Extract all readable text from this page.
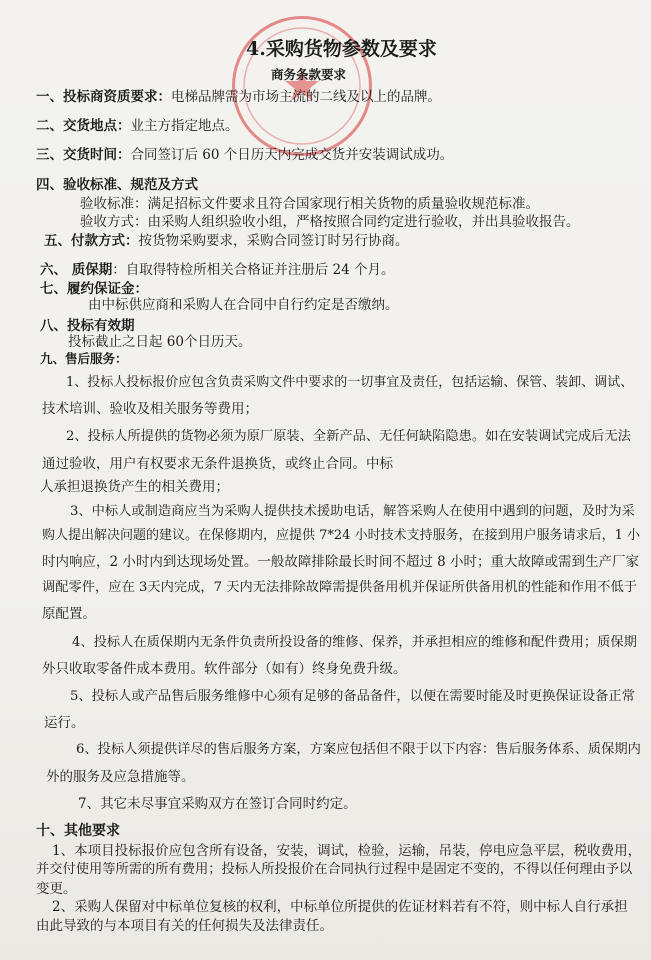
4.采购货物参数及要求
商务条款要求
一、投标商资质要求：电梯品牌需为市场主流的二线及以上的品牌。
二、交货地点：业主方指定地点。
三、交货时间：合同签订后 60 个日历天内完成交货并安装调试成功。
四、验收标准、规范及方式
验收标准：满足招标文件要求且符合国家现行相关货物的质量验收规范标准。
验收方式：由采购人组织验收小组，严格按照合同约定进行验收，并出具验收报告。
五、付款方式：按货物采购要求，采购合同签订时另行协商。
六、 质保期：自取得特检所相关合格证并注册后 24 个月。
七、履约保证金：
由中标供应商和采购人在合同中自行约定是否缴纳。
八、投标有效期
投标截止之日起 60个日历天。
九、售后服务：
1、投标人投标报价应包含负责采购文件中要求的一切事宜及责任，包括运输、保管、装卸、调试、
技术培训、验收及相关服务等费用；
2、投标人所提供的货物必须为原厂原装、全新产品、无任何缺陷隐患。如在安装调试完成后无法
通过验收，用户有权要求无条件退换货，或终止合同。中标
人承担退换货产生的相关费用；
3、中标人或制造商应当为采购人提供技术援助电话，解答采购人在使用中遇到的问题，及时为采
购人提出解决问题的建议。在保修期内，应提供 7*24 小时技术支持服务，在接到用户服务请求后，1 小
时内响应，2 小时内到达现场处置。一般故障排除最长时间不超过 8 小时；重大故障或需到生产厂家
调配零件，应在 3天内完成，7 天内无法排除故障需提供备用机并保证所供备用机的性能和作用不低于
原配置。
4、投标人在质保期内无条件负责所投设备的维修、保养，并承担相应的维修和配件费用；质保期
外只收取零备件成本费用。软件部分（如有）终身免费升级。
5、投标人或产品售后服务维修中心须有足够的备品备件，以便在需要时能及时更换保证设备正常
运行。
6、投标人须提供详尽的售后服务方案，方案应包括但不限于以下内容：售后服务体系、质保期内
外的服务及应急措施等。
7、其它未尽事宜采购双方在签订合同时约定。
十、其他要求
1、本项目投标报价应包含所有设备，安装，调试，检验，运输，吊装，停电应急平层，税收费用，
并交付使用等所需的所有费用；投标人所投报价在合同执行过程中是固定不变的，不得以任何理由予以
变更。
2、采购人保留对中标单位复核的权利，中标单位所提供的佐证材料若有不符，则中标人自行承担
由此导致的与本项目有关的任何损失及法律责任。
